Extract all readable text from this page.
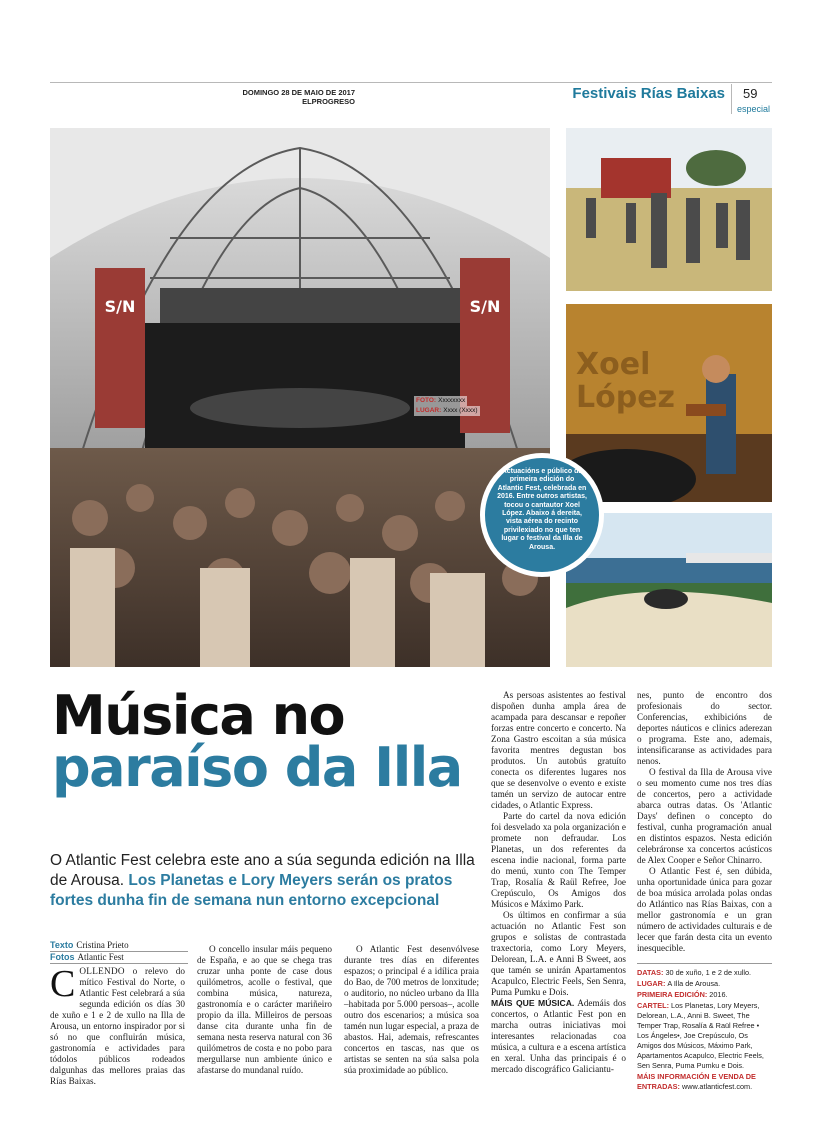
DOMINGO 28 DE MAIO DE 2017
ELPROGRESO	Festivais Rías Baixas 59
especial
S/N	S/N
Xoel López
FOTO: Xxxxxxxx
LUGAR: Xxxx (Xxxx)
Actuacións e público da primeira edición do Atlantic Fest, celebrada en 2016. Entre outros artistas, tocou o cantautor Xoel López. Abaixo á dereita, vista aérea do recinto privilexiado no que ten lugar o festival da Illa de Arousa.
Música no
paraíso da Illa
O Atlantic Fest celebra este ano a súa segunda edición na Illa de Arousa. Los Planetas e Lory Meyers serán os pratos fortes dunha fin de semana nun entorno excepcional
Texto Cristina Prieto
Fotos Atlantic Fest

COLLENDO o relevo do mítico Festival do Norte, o Atlantic Fest celebrará a súa segunda edición os días 30 de xuño e 1 e 2 de xullo na Illa de Arousa, un entorno inspirador por si só no que confluirán música, gastronomía e actividades para tódolos públicos rodeados dalgunhas das mellores praias das Rías Baixas.

O concello insular máis pequeno de España, e ao que se chega tras cruzar unha ponte de case dous quilómetros, acolle o festival, que combina música, natureza, gastronomía e o carácter mariñeiro propio da illa. Milleiros de persoas danse cita durante unha fin de semana nesta reserva natural con 36 quilómetros de costa e no pobo para mergullarse nun ambiente único e afastarse do mundanal ruído.

O Atlantic Fest desenvólvese durante tres días en diferentes espazos; o principal é a idílica praia do Bao, de 700 metros de lonxitude; o auditorio, no núcleo urbano da Illa –habitada por 5.000 persoas–, acolle outro dos escenarios; a música soa tamén nun lugar especial, a praza de abastos. Hai, ademais, refrescantes concertos en tascas, nas que os artistas se senten na súa salsa pola súa proximidade ao público.

As persoas asistentes ao festival dispoñen dunha ampla área de acampada para descansar e repoñer forzas entre concerto e concerto. Na Zona Gastro escoitan a súa música favorita mentres degustan bos produtos. Un autobús gratuíto conecta os diferentes lugares nos que se desenvolve o evento e existe tamén un servizo de autocar entre cidades, o Atlantic Express.

Parte do cartel da nova edición foi desvelado xa pola organización e promete non defraudar. Los Planetas, un dos referentes da escena indie nacional, forma parte do menú, xunto con The Temper Trap, Rosalía & Raül Refree, Joe Crepúsculo, Os Amigos dos Músicos e Máximo Park.

Os últimos en confirmar a súa actuación no Atlantic Fest son grupos e solistas de contrastada traxectoria, como Lory Meyers, Delorean, L.A. e Anni B Sweet, aos que tamén se unirán Apartamentos Acapulco, Electric Feels, Sen Senra, Puma Pumku e Dois.

MÁIS QUE MÚSICA. Ademáis dos concertos, o Atlantic Fest pon en marcha outras iniciativas moi interesantes relacionadas coa música, a cultura e a escena artística en xeral. Unha das principais é o mercado discográfico Galiciantu-

nes, punto de encontro dos profesionais do sector. Conferencias, exhibicións de deportes náuticos e clinics aderezan o programa. Este ano, ademais, intensificaranse as actividades para nenos.

O festival da Illa de Arousa vive o seu momento cume nos tres días de concertos, pero a actividade abarca outras datas. Os 'Atlantic Days' definen o concepto do festival, cunha programación anual en distintos espazos. Nesta edición celebráronse xa concertos acústicos de Alex Cooper e Señor Chinarro.

O Atlantic Fest é, sen dúbida, unha oportunidade única para gozar de boa música arrolada polas ondas do Atlántico nas Rías Baixas, con a mellor gastronomía e un gran número de actividades culturais e de lecer que farán desta cita un evento inesquecible.

DATAS: 30 de xuño, 1 e 2 de xullo.

LUGAR: A Illa de Arousa.

PRIMEIRA EDICIÓN: 2016.

CARTEL: Los Planetas, Lory Meyers, Delorean, L.A., Anni B. Sweet, The Temper Trap, Rosalía & Raül Refree • Los Ángeles•, Joe Crepúsculo, Os Amigos dos Músicos, Máximo Park, Apartamentos Acapulco, Electric Feels, Sen Senra, Puma Pumku e Dois.

MÁIS INFORMACIÓN E VENDA DE ENTRADAS: www.atlanticfest.com.
